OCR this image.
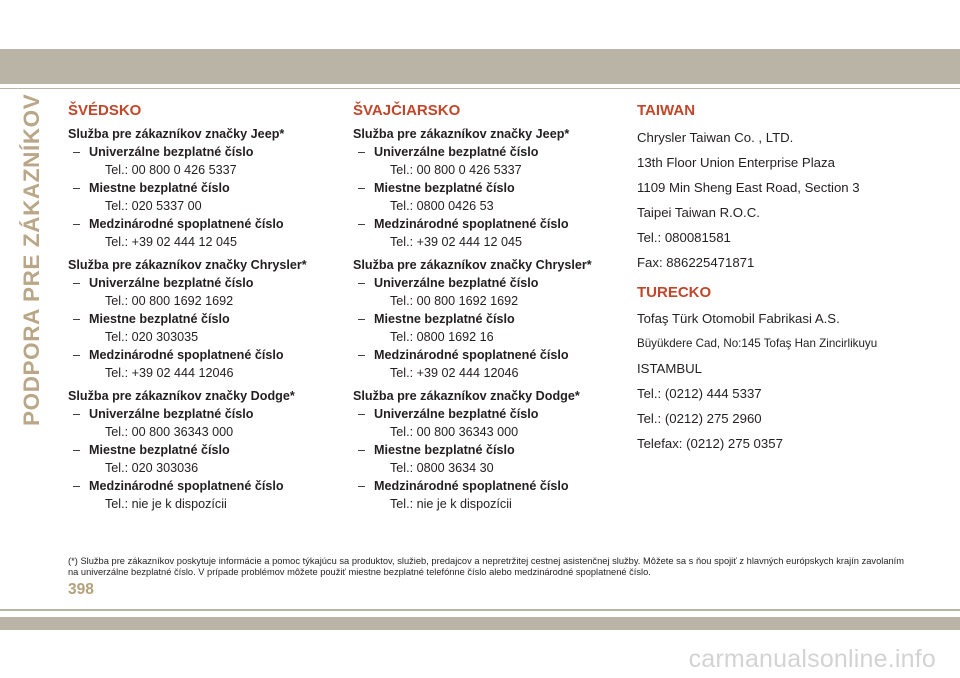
PODPORA PRE ZÁKAZNÍKOV ŠVÉDSKO
Služba pre zákazníkov značky Jeep*
– Univerzálne bezplatné číslo
Tel.: 00 800 0 426 5337
– Miestne bezplatné číslo
Tel.: 020 5337 00
– Medzinárodné spoplatnené číslo
Tel.: +39 02 444 12 045
Služba pre zákazníkov značky Chrysler*
– Univerzálne bezplatné číslo
Tel.: 00 800 1692 1692
– Miestne bezplatné číslo
Tel.: 020 303035
– Medzinárodné spoplatnené číslo
Tel.: +39 02 444 12046
Služba pre zákazníkov značky Dodge*
– Univerzálne bezplatné číslo
Tel.: 00 800 36343 000
– Miestne bezplatné číslo
Tel.: 020 303036
– Medzinárodné spoplatnené číslo
Tel.: nie je k dispozícii
ŠVAJČIARSKO
Služba pre zákazníkov značky Jeep*
– Univerzálne bezplatné číslo
Tel.: 00 800 0 426 5337
– Miestne bezplatné číslo
Tel.: 0800 0426 53
– Medzinárodné spoplatnené číslo
Tel.: +39 02 444 12 045
Služba pre zákazníkov značky Chrysler*
– Univerzálne bezplatné číslo
Tel.: 00 800 1692 1692
– Miestne bezplatné číslo
Tel.: 0800 1692 16
– Medzinárodné spoplatnené číslo
Tel.: +39 02 444 12046
Služba pre zákazníkov značky Dodge*
– Univerzálne bezplatné číslo
Tel.: 00 800 36343 000
– Miestne bezplatné číslo
Tel.: 0800 3634 30
– Medzinárodné spoplatnené číslo
Tel.: nie je k dispozícii
TAIWAN
Chrysler Taiwan Co. , LTD.
13th Floor Union Enterprise Plaza
1109 Min Sheng East Road, Section 3
Taipei Taiwan R.O.C.
Tel.: 080081581
Fax: 886225471871
TURECKO
Tofaş Türk Otomobil Fabrikasi A.S.
Büyükdere Cad, No:145 Tofaş Han Zincirlikuyu
ISTAMBUL
Tel.: (0212) 444 5337
Tel.: (0212) 275 2960
Telefax: (0212) 275 0357
(*) Služba pre zákazníkov poskytuje informácie a pomoc týkajúcu sa produktov, služieb, predajcov a nepretržitej cestnej asistenčnej služby. Môžete sa s ňou spojiť z hlavných európskych krajín zavolaním na univerzálne bezplatné číslo. V prípade problémov môžete použiť miestne bezplatné telefónne číslo alebo medzinárodné spoplatnené číslo.
398
carmanualsonline.info
